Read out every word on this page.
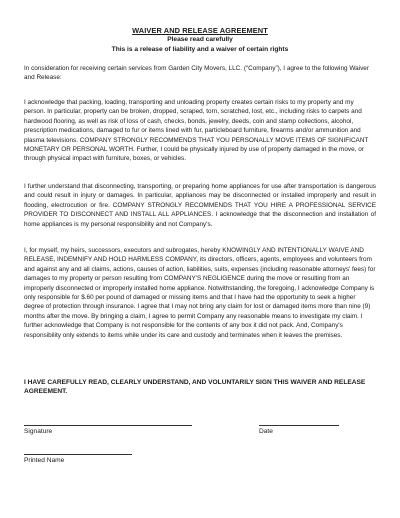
WAIVER AND RELEASE AGREEMENT
Please read carefully
This is a release of liability and a waiver of certain rights

In consideration for receiving certain services from Garden City Movers, LLC. (“Company”), I agree to the following Waiver and Release:

I acknowledge that packing, loading, transporting and unloading property creates certain risks to my property and my person. In particular, property can be broken, dropped, scraped, torn, scratched, lost, etc., including risks to carpets and hardwood flooring, as well as risk of loss of cash, checks, bonds, jewelry, deeds, coin and stamp collections, alcohol, prescription medications, damaged to fur or items lined with fur, particleboard furniture, firearms and/or ammunition and plasma televisions. COMPANY STRONGLY RECOMMENDS THAT YOU PERSONALLY MOVE ITEMS OF SIGNIFICANT MONETARY OR PERSONAL WORTH. Further, I could be physically injured by use of property damaged in the move, or through physical impact with furniture, boxes, or vehicles.

I further understand that disconnecting, transporting, or preparing home appliances for use after transportation is dangerous and could result in injury or damages. In particular, appliances may be disconnected or installed improperly and result in flooding, electrocution or fire. COMPANY STRONGLY RECOMMENDS THAT YOU HIRE A PROFESSIONAL SERVICE PROVIDER TO DISCONNECT AND INSTALL ALL APPLIANCES. I acknowledge that the disconnection and installation of home appliances is my personal responsibility and not Company's.

I, for myself, my heirs, successors, executors and subrogates, hereby KNOWINGLY AND INTENTIONALLY WAIVE AND RELEASE, INDEMNIFY AND HOLD HARMLESS COMPANY, its directors, officers, agents, employees and volunteers from and against any and all claims, actions, causes of action, liabilities, suits, expenses (including reasonable attorneys' fees) for damages to my property or person resulting from COMPANY'S NEGLIGENCE during the move or resulting from an improperly disconnected or improperly installed home appliance. Notwithstanding, the foregoing, I acknowledge Company is only responsible for $.60 per pound of damaged or missing items and that I have had the opportunity to seek a higher degree of protection through insurance. I agree that I may not bring any claim for lost or damaged items more than nine (9) months after the move. By bringing a claim, I agree to permit Company any reasonable means to investigate my claim. I further acknowledge that Company is not responsible for the contents of any box it did not pack. And, Company's responsibility only extends to items while under its care and custody and terminates when it leaves the premises.

I HAVE CAREFULLY READ, CLEARLY UNDERSTAND, AND VOLUNTARILY SIGN THIS WAIVER AND RELEASE AGREEMENT.

Signature	Date
Printed Name
